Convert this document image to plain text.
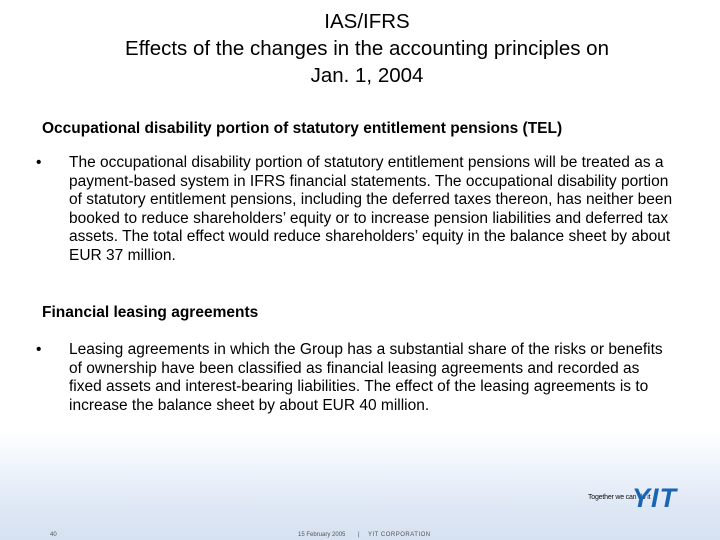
IAS/IFRS
Effects of the changes in the accounting principles on
Jan. 1, 2004
Occupational disability portion of statutory entitlement pensions (TEL)
•	The occupational disability portion of statutory entitlement pensions will be treated as a payment-based system in IFRS financial statements. The occupational disability portion of statutory entitlement pensions, including the deferred taxes thereon, has neither been booked to reduce shareholders’ equity or to increase pension liabilities and deferred tax assets. The total effect would reduce shareholders’ equity in the balance sheet by about EUR 37 million.
Financial leasing agreements
•	Leasing agreements in which the Group has a substantial share of the risks or benefits of ownership have been classified as financial leasing agreements and recorded as fixed assets and interest-bearing liabilities. The effect of the leasing agreements is to increase the balance sheet by about EUR 40 million.
Together we can do it
YIT
40	15 February 2005 | YIT CORPORATION
